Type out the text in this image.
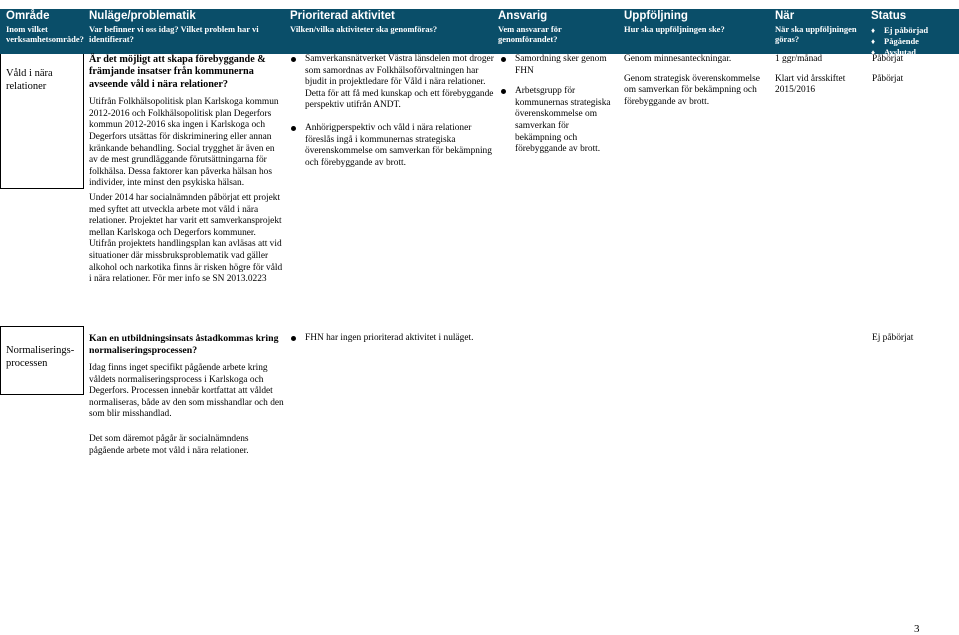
Område
Inom vilket verksamhetsområde?
Nuläge/problematik
Var befinner vi oss idag? Vilket problem har vi identifierat?
Prioriterad aktivitet
Vilken/vilka aktiviteter ska genomföras?
Ansvarig
Vem ansvarar för genomförandet?
Uppföljning
Hur ska uppföljningen ske?
När
När ska uppföljningen göras?
Status
♦ Ej påbörjad
♦ Pågående
♦ Avslutad
Våld i nära relationer
Är det möjligt att skapa förebyggande & främjande insatser från kommunerna avseende våld i nära relationer?
Utifrån Folkhälsopolitisk plan Karlskoga kommun 2012-2016 och Folkhälsopolitisk plan Degerfors kommun 2012-2016 ska ingen i Karlskoga och Degerfors utsättas för diskriminering eller annan kränkande behandling. Social trygghet är även en av de mest grundläggande förutsättningarna för folkhälsa. Dessa faktorer kan påverka hälsan hos individer, inte minst den psykiska hälsan.
Under 2014 har socialnämnden påbörjat ett projekt med syftet att utveckla arbete mot våld i nära relationer. Projektet har varit ett samverkansprojekt mellan Karlskoga och Degerfors kommuner. Utifrån projektets handlingsplan kan avläsas att vid situationer där missbruksproblematik vad gäller alkohol och narkotika finns är risken högre för våld i nära relationer. För mer info se SN 2013.0223
Samverkansnätverket Västra länsdelen mot droger som samordnas av Folkhälsoförvaltningen har bjudit in projektledare för Våld i nära relationer. Detta för att få med kunskap och ett förebyggande perspektiv utifrån ANDT.
Anhörigperspektiv och våld i nära relationer föreslås ingå i kommunernas strategiska överenskommelse om samverkan för bekämpning och förebyggande av brott.
Samordning sker genom FHN
Arbetsgrupp för kommunernas strategiska överenskommelse om samverkan för bekämpning och förebyggande av brott.
Genom minnesanteckningar.
Genom strategisk överenskommelse om samverkan för bekämpning och förebyggande av brott.
1 ggr/månad
Klart vid årsskiftet 2015/2016
Påbörjat
Påbörjat
Normaliserings-processen
Kan en utbildningsinsats åstadkommas kring normaliseringsprocessen?
Idag finns inget specifikt pågående arbete kring våldets normaliseringsprocess i Karlskoga och Degerfors. Processen innebär kortfattat att våldet normaliseras, både av den som misshandlar och den som blir misshandlad.
Det som däremot pågår är socialnämndens pågående arbete mot våld i nära relationer.
FHN har ingen prioriterad aktivitet i nuläget.	Ej påbörjat
3
